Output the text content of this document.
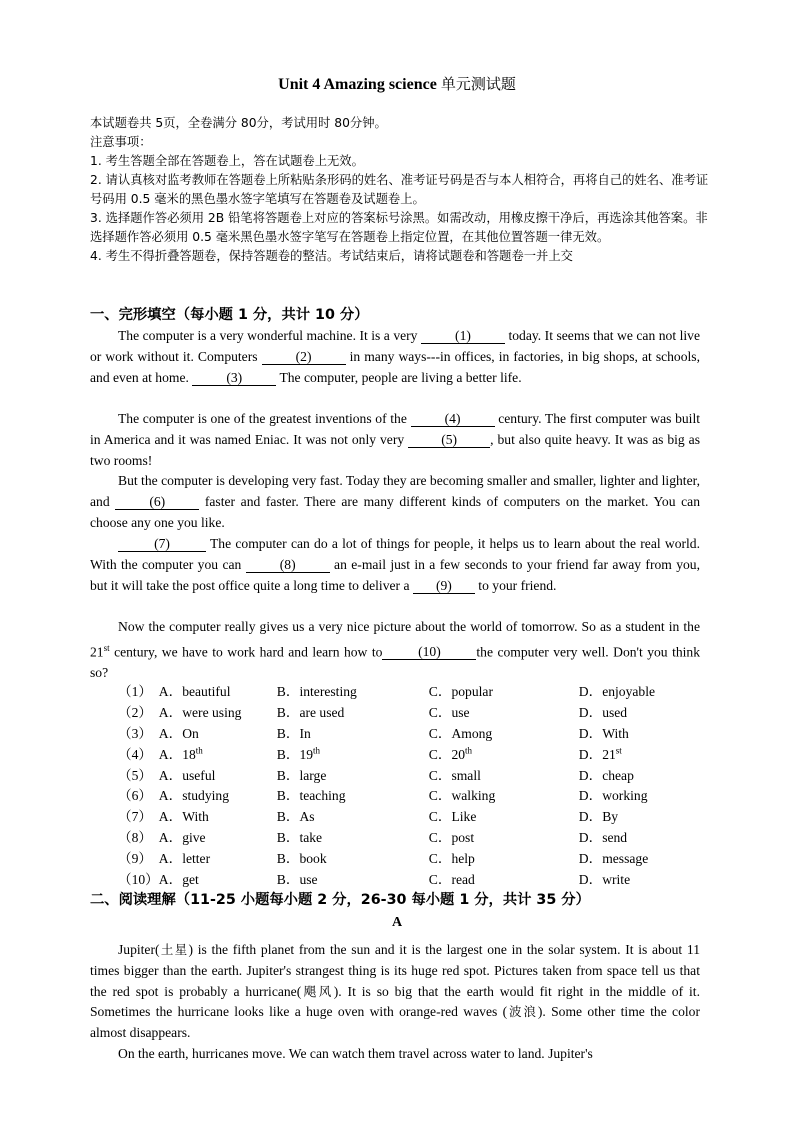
Unit 4 Amazing science 单元测试题
本试题卷共 5页，全卷满分 80分，考试用时 80分钟。
注意事项：
1. 考生答题全部在答题卷上，答在试题卷上无效。
2. 请认真核对监考教师在答题卷上所粘贴条形码的姓名、准考证号码是否与本人相符合，再将自己的姓名、准考证号码用 0.5 毫米的黑色墨水签字笔填写在答题卷及试题卷上。
3. 选择题作答必须用 2B 铅笔将答题卷上对应的答案标号涂黑。如需改动，用橡皮擦干净后，再选涂其他答案。非选择题作答必须用 0.5 毫米黑色墨水签字笔写在答题卷上指定位置，在其他位置答题一律无效。
4. 考生不得折叠答题卷，保持答题卷的整洁。考试结束后，请将试题卷和答题卷一并上交
一、完形填空（每小题 1 分，共计 10 分）
The computer is a very wonderful machine. It is a very	(1)	today. It seems that we can not live or work without it. Computers	(2)	in many ways---in offices, in factories, in big shops, at schools, and even at home.	(3)	The computer, people are living a better life.
The computer is one of the greatest inventions of the	(4)	century. The first computer was built in America and it was named Eniac. It was not only very (5) , but also quite heavy. It was as big as two rooms!
But the computer is developing very fast. Today they are becoming smaller and smaller, lighter and lighter, and	(6)	faster and faster. There are many different kinds of computers on the market. You can choose any one you like.
(7)	The computer can do a lot of things for people, it helps us to learn about the real world. With the computer you can	(8)	an e-mail just in a few seconds to your friend far away from you, but it will take the post office quite a long time to deliver a (9) to your friend.
Now the computer really gives us a very nice picture about the world of tomorrow. So as a student in the 21st century, we have to work hard and learn how to	(10)	the computer very well. Don't you think so?
（1）	A．beautiful	B．interesting	C．popular	D．enjoyable
（2）	A．were using	B．are used	C．use	D．used
（3）	A．On	B．In	C．Among	D．With
（4）	A．18th	B．19th	C．20th	D．21st
（5）	A．useful	B．large	C．small	D．cheap
（6）	A．studying	B．teaching	C．walking	D．working
（7）	A．With	B．As	C．Like	D．By
（8）	A．give	B．take	C．post	D．send
（9）	A．letter	B．book	C．help	D．message
（10）	A．get	B．use	C．read	D．write
二、阅读理解（11-25 小题每小题 2 分，26-30 每小题 1 分，共计 35 分）
A
Jupiter(土星) is the fifth planet from the sun and it is the largest one in the solar system. It is about 11 times bigger than the earth. Jupiter's strangest thing is its huge red spot. Pictures taken from space tell us that the red spot is probably a hurricane(飓风). It is so big that the earth would fit right in the middle of it. Sometimes the hurricane looks like a huge oven with orange-red waves (波浪). Some other time the color almost disappears.
On the earth, hurricanes move. We can watch them travel across water to land. Jupiter's
